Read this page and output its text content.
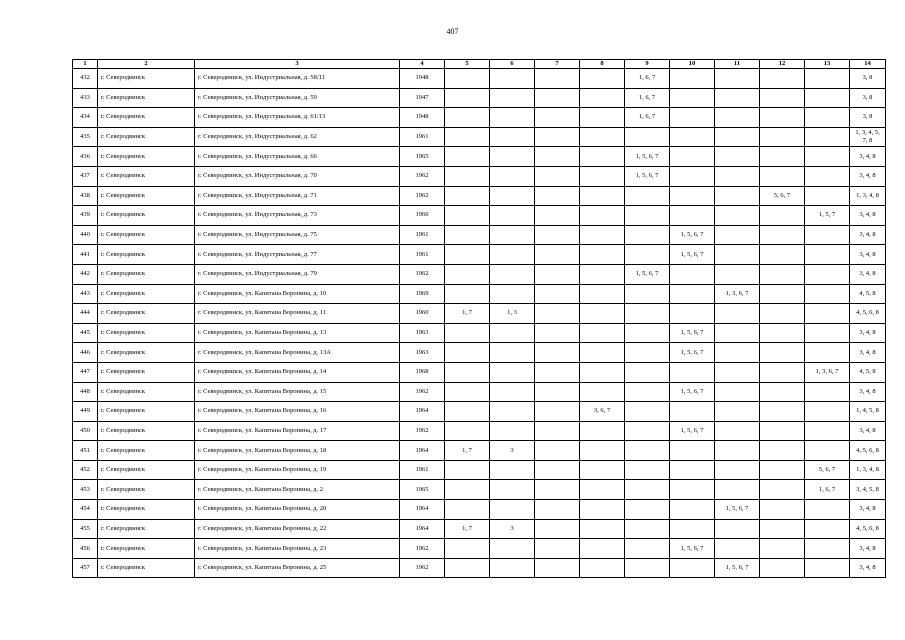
407
1	2	3	4	5	6	7	8	9	10	11	12	13	14
432	г. Северодвинск	г. Северодвинск, ул. Индустриальная, д. 58/11	1948					1, 6, 7					3, 8
433	г. Северодвинск	г. Северодвинск, ул. Индустриальная, д. 59	1947					1, 6, 7					3, 8
434	г. Северодвинск	г. Северодвинск, ул. Индустриальная, д. 61/13	1948					1, 6, 7					3, 8
435	г. Северодвинск	г. Северодвинск, ул. Индустриальная, д. 62	1961										1, 3, 4, 5, 7, 8
436	г. Северодвинск	г. Северодвинск, ул. Индустриальная, д. 66	1965					1, 5, 6, 7					3, 4, 8
437	г. Северодвинск	г. Северодвинск, ул. Индустриальная, д. 70	1962					1, 5, 6, 7					3, 4, 8
438	г. Северодвинск	г. Северодвинск, ул. Индустриальная, д. 71	1962								5, 6, 7		1, 3, 4, 8
439	г. Северодвинск	г. Северодвинск, ул. Индустриальная, д. 73	1960									1, 5, 7	3, 4, 8
440	г. Северодвинск	г. Северодвинск, ул. Индустриальная, д. 75	1961						1, 5, 6, 7				3, 4, 8
441	г. Северодвинск	г. Северодвинск, ул. Индустриальная, д. 77	1961						1, 5, 6, 7				3, 4, 8
442	г. Северодвинск	г. Северодвинск, ул. Индустриальная, д. 79	1962					1, 5, 6, 7					3, 4, 8
443	г. Северодвинск	г. Северодвинск, ул. Капитана Воронина, д. 10	1969							1, 3, 6, 7			4, 5, 8
444	г. Северодвинск	г. Северодвинск, ул. Капитана Воронина, д. 11	1960	1, 7	1, 3								4, 5, 6, 8
445	г. Северодвинск	г. Северодвинск, ул. Капитана Воронина, д. 13	1963						1, 5, 6, 7				3, 4, 8
446	г. Северодвинск	г. Северодвинск, ул. Капитана Воронина, д. 13А	1963						1, 5, 6, 7				3, 4, 8
447	г. Северодвинск	г. Северодвинск, ул. Капитана Воронина, д. 14	1968									1, 3, 6, 7	4, 5, 8
448	г. Северодвинск	г. Северодвинск, ул. Капитана Воронина, д. 15	1962						1, 5, 6, 7				3, 4, 8
449	г. Северодвинск	г. Северодвинск, ул. Капитана Воронина, д. 16	1964				3, 6, 7						1, 4, 5, 8
450	г. Северодвинск	г. Северодвинск, ул. Капитана Воронина, д. 17	1962						1, 5, 6, 7				3, 4, 8
451	г. Северодвинск	г. Северодвинск, ул. Капитана Воронина, д. 18	1964	1, 7	3								4, 5, 6, 8
452	г. Северодвинск	г. Северодвинск, ул. Капитана Воронина, д. 19	1961									5, 6, 7	1, 3, 4, 8
453	г. Северодвинск	г. Северодвинск, ул. Капитана Воронина, д. 2	1965									1, 6, 7	3, 4, 5, 8
454	г. Северодвинск	г. Северодвинск, ул. Капитана Воронина, д. 20	1964							1, 5, 6, 7			3, 4, 8
455	г. Северодвинск	г. Северодвинск, ул. Капитана Воронина, д. 22	1964	1, 7	3								4, 5, 6, 8
456	г. Северодвинск	г. Северодвинск, ул. Капитана Воронина, д. 23	1962						1, 5, 6, 7				3, 4, 8
457	г. Северодвинск	г. Северодвинск, ул. Капитана Воронина, д. 25	1962							1, 5, 6, 7			3, 4, 8
